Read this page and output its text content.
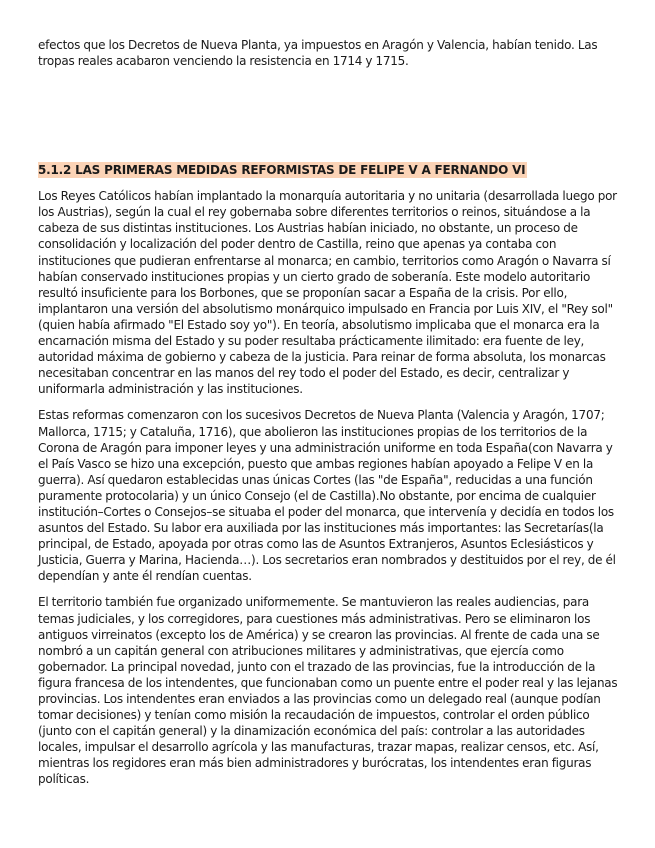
efectos que los Decretos de Nueva Planta, ya impuestos en Aragón y Valencia, habían tenido. Las tropas reales acabaron venciendo la resistencia en 1714 y 1715.

5.1.2 LAS PRIMERAS MEDIDAS REFORMISTAS DE FELIPE V A FERNANDO VI

Los Reyes Católicos habían implantado la monarquía autoritaria y no unitaria (desarrollada luego por los Austrias), según la cual el rey gobernaba sobre diferentes territorios o reinos, situándose a la cabeza de sus distintas instituciones. Los Austrias habían iniciado, no obstante, un proceso de consolidación y localización del poder dentro de Castilla, reino que apenas ya contaba con instituciones que pudieran enfrentarse al monarca; en cambio, territorios como Aragón o Navarra sí habían conservado instituciones propias y un cierto grado de soberanía. Este modelo autoritario resultó insuficiente para los Borbones, que se proponían sacar a España de la crisis. Por ello, implantaron una versión del absolutismo monárquico impulsado en Francia por Luis XIV, el "Rey sol" (quien había afirmado "El Estado soy yo"). En teoría, absolutismo implicaba que el monarca era la encarnación misma del Estado y su poder resultaba prácticamente ilimitado: era fuente de ley, autoridad máxima de gobierno y cabeza de la justicia. Para reinar de forma absoluta, los monarcas necesitaban concentrar en las manos del rey todo el poder del Estado, es decir, centralizar y uniformarla administración y las instituciones.

Estas reformas comenzaron con los sucesivos Decretos de Nueva Planta (Valencia y Aragón, 1707; Mallorca, 1715; y Cataluña, 1716), que abolieron las instituciones propias de los territorios de la Corona de Aragón para imponer leyes y una administración uniforme en toda España(con Navarra y el País Vasco se hizo una excepción, puesto que ambas regiones habían apoyado a Felipe V en la guerra). Así quedaron establecidas unas únicas Cortes (las "de España", reducidas a una función puramente protocolaria) y un único Consejo (el de Castilla).No obstante, por encima de cualquier institución–Cortes o Consejos–se situaba el poder del monarca, que intervenía y decidía en todos los asuntos del Estado. Su labor era auxiliada por las instituciones más importantes: las Secretarías(la principal, de Estado, apoyada por otras como las de Asuntos Extranjeros, Asuntos Eclesiásticos y Justicia, Guerra y Marina, Hacienda…). Los secretarios eran nombrados y destituidos por el rey, de él dependían y ante él rendían cuentas.

El territorio también fue organizado uniformemente. Se mantuvieron las reales audiencias, para temas judiciales, y los corregidores, para cuestiones más administrativas. Pero se eliminaron los antiguos virreinatos (excepto los de América) y se crearon las provincias. Al frente de cada una se nombró a un capitán general con atribuciones militares y administrativas, que ejercía como gobernador. La principal novedad, junto con el trazado de las provincias, fue la introducción de la figura francesa de los intendentes, que funcionaban como un puente entre el poder real y las lejanas provincias. Los intendentes eran enviados a las provincias como un delegado real (aunque podían tomar decisiones) y tenían como misión la recaudación de impuestos, controlar el orden público (junto con el capitán general) y la dinamización económica del país: controlar a las autoridades locales, impulsar el desarrollo agrícola y las manufacturas, trazar mapas, realizar censos, etc. Así, mientras los regidores eran más bien administradores y burócratas, los intendentes eran figuras políticas.
